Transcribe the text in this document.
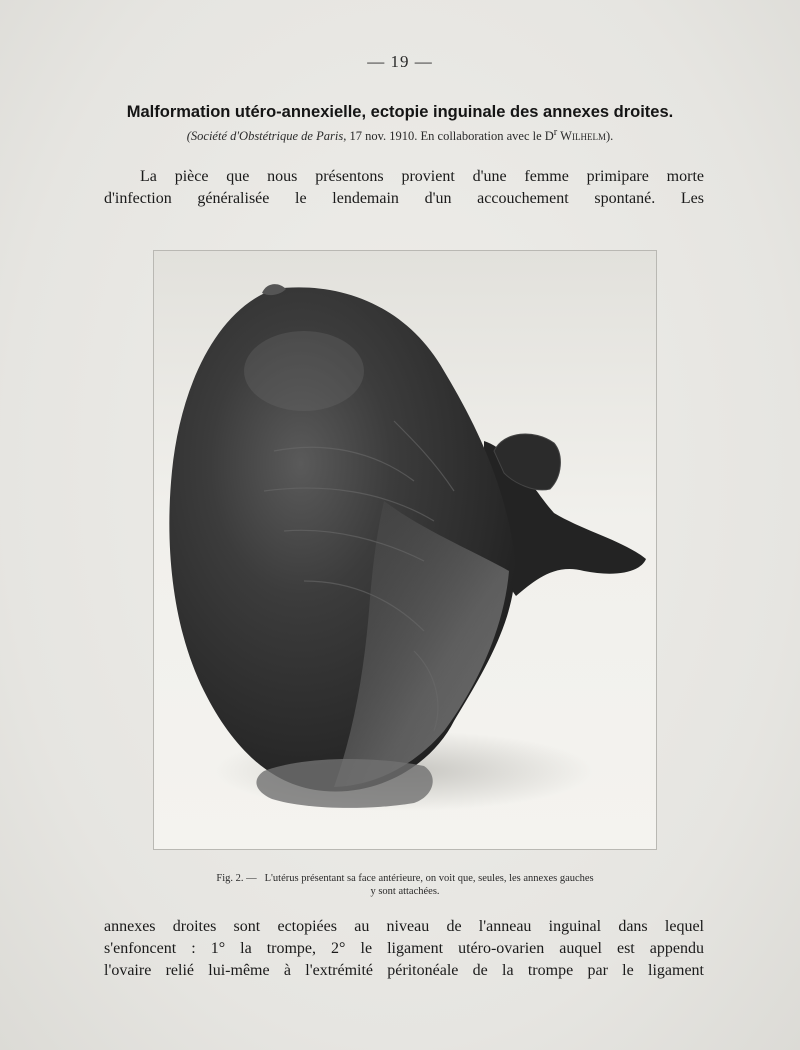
— 19 —
Malformation utéro-annexielle, ectopie inguinale des annexes droites.
(Société d'Obstétrique de Paris, 17 nov. 1910. En collaboration avec le $D^r$ Wilhelm).
La pièce que nous présentons provient d'une femme primipare morte
d'infection généralisée le lendemain d'un accouchement spontané. Les
Fig. 2. — L'utérus présentant sa face antérieure, on voit que, seules, les annexes gauches
y sont attachées.
annexes droites sont ectopiées au niveau de l'anneau inguinal dans lequel
s'enfoncent : 1° la trompe, 2° le ligament utéro-ovarien auquel est appendu
l'ovaire relié lui-même à l'extrémité péritonéale de la trompe par le ligament
